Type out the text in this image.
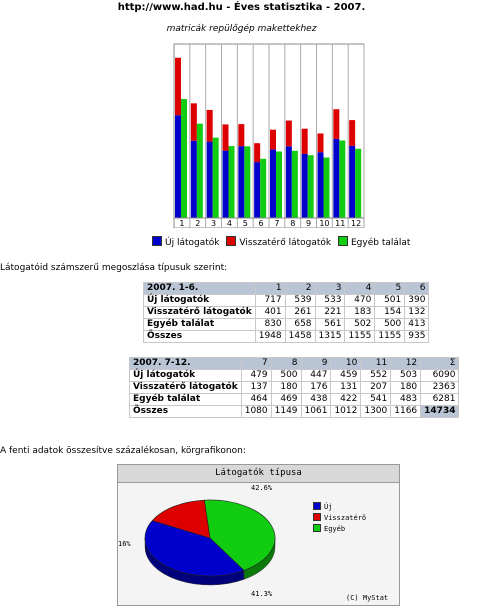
http://www.had.hu - Éves statisztika - 2007.
matricák repülőgép makettekhez
1 2 3 4 5 6 7 8 9 10 11 12
Új látogatók Visszatérő látogatók Egyéb találat
Látogatóid számszerű megoszlása típusuk szerint:
2007. 1-6.	1	2	3	4	5	6
Új látogatók	717	539	533	470	501	390
Visszatérő látogatók	401	261	221	183	154	132
Egyéb találat	830	658	561	502	500	413
Összes	1948	1458	1315	1155	1155	935
2007. 7-12.	7	8	9	10	11	12	Σ
Új látogatók	479	500	447	459	552	503	6090
Visszatérő látogatók	137	180	176	131	207	180	2363
Egyéb találat	464	469	438	422	541	483	6281
Összes	1080	1149	1061	1012	1300	1166	14734
A fenti adatok összesítve százalékosan, körgrafikonon:
Látogatók típusa
42.6%
16%
41.3%
Új
Visszatérő
Egyéb
(C) MyStat
